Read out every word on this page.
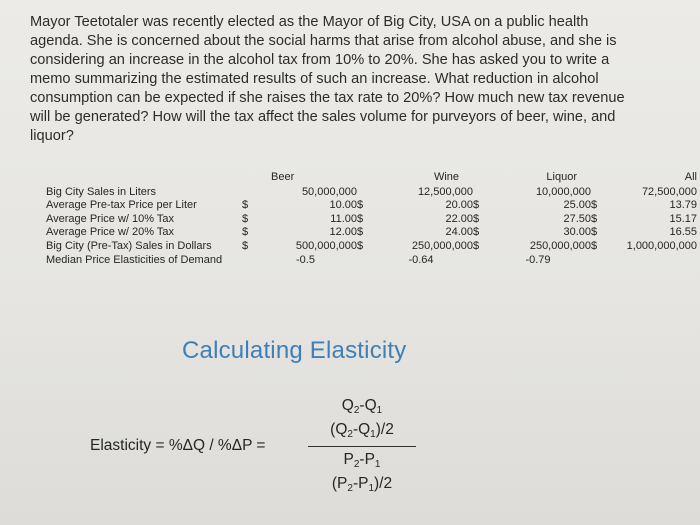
Mayor Teetotaler was recently elected as the Mayor of Big City, USA on a public health
agenda. She is concerned about the social harms that arise from alcohol abuse, and she is
considering an increase in the alcohol tax from 10% to 20%. She has asked you to write a
memo summarizing the estimated results of such an increase. What reduction in alcohol
consumption can be expected if she raises the tax rate to 20%? How much new tax revenue
will be generated? How will the tax affect the sales volume for purveyors of beer, wine, and
liquor?

		Beer		Wine		Liquor		All
Big City Sales in Liters		50,000,000		12,500,000		10,000,000		72,500,000
Average Pre-tax Price per Liter	$	10.00	$	20.00	$	25.00	$	13.79
Average Price w/ 10% Tax	$	11.00	$	22.00	$	27.50	$	15.17
Average Price w/ 20% Tax	$	12.00	$	24.00	$	30.00	$	16.55
Big City (Pre-Tax) Sales in Dollars	$	500,000,000	$	250,000,000	$	250,000,000	$	1,000,000,000
Median Price Elasticities of Demand		-0.5		-0.64		-0.79		
Calculating Elasticity
Elasticity = %ΔQ / %ΔP =
$Q_2-Q_1$
$(Q_2-Q_1)/2$
$P_2-P_1$
$(P_2-P_1)/2$
